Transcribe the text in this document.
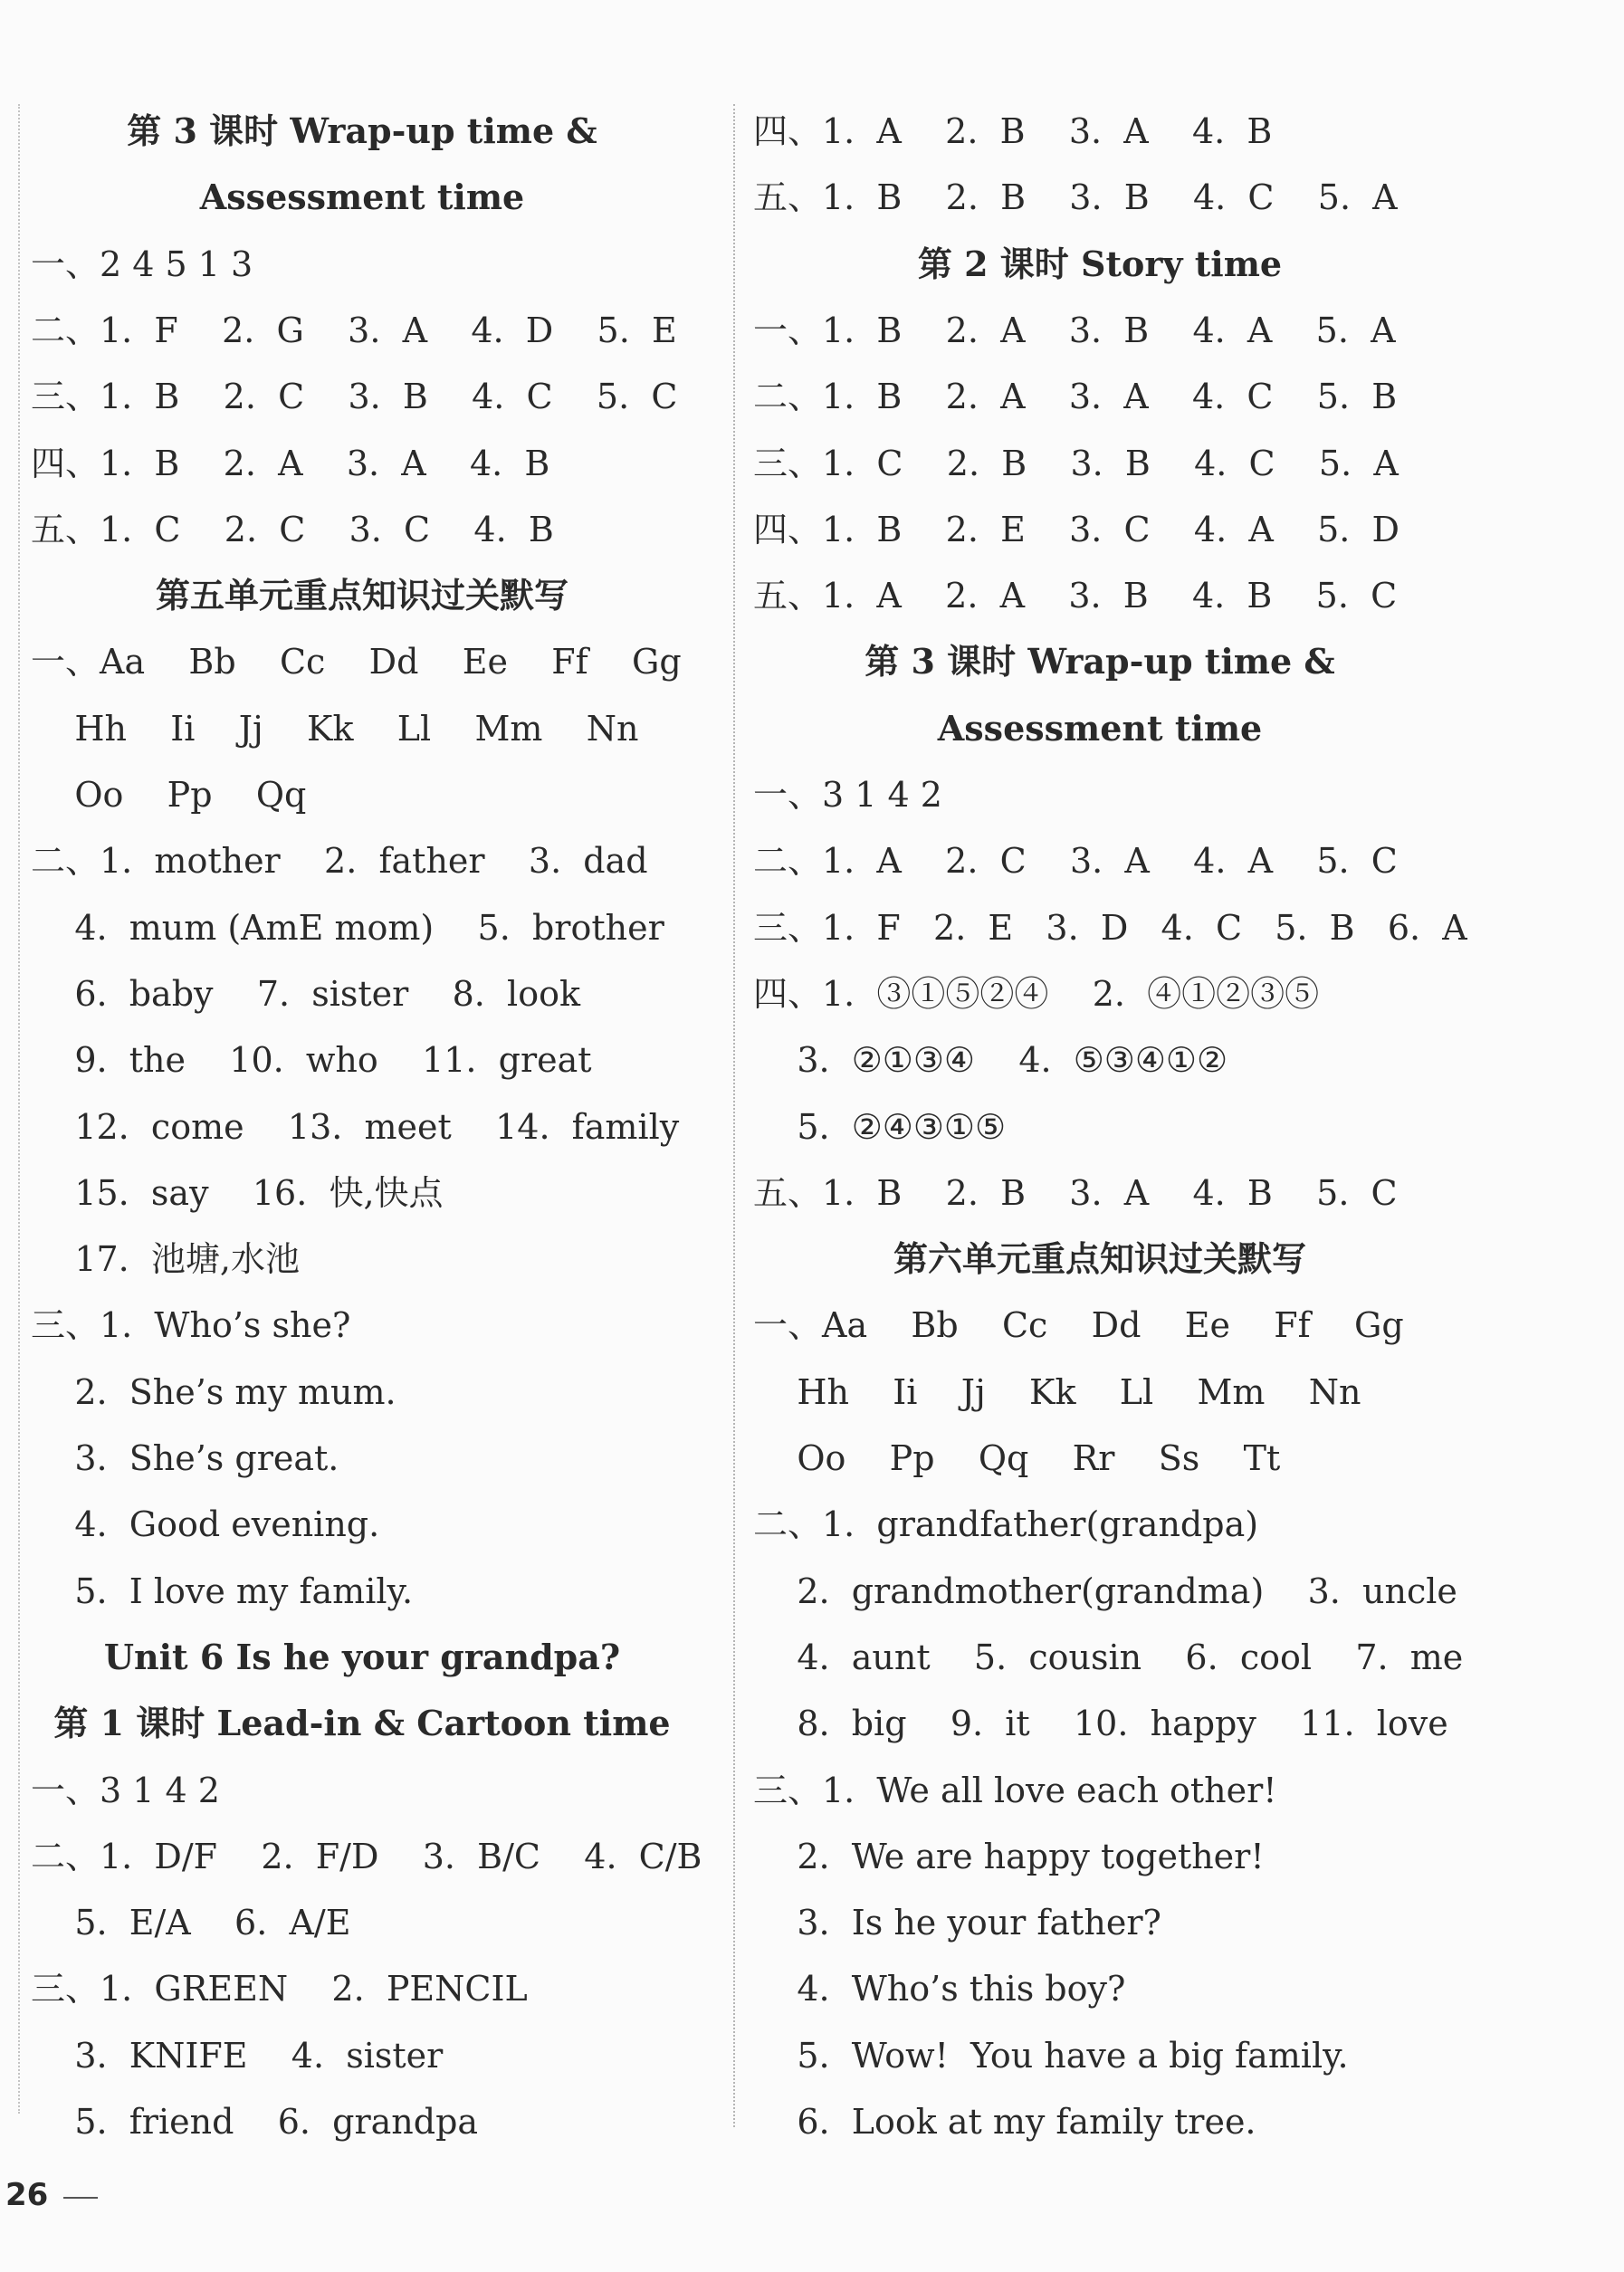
第 3 课时 Wrap-up time &
Assessment time
一、2 4 5 1 3
二、1.  F    2.  G    3.  A    4.  D    5.  E
三、1.  B    2.  C    3.  B    4.  C    5.  C
四、1.  B    2.  A    3.  A    4.  B
五、1.  C    2.  C    3.  C    4.  B
第五单元重点知识过关默写
一、Aa    Bb    Cc    Dd    Ee    Ff    Gg
Hh    Ii    Jj    Kk    Ll    Mm    Nn
Oo    Pp    Qq
二、1.  mother    2.  father    3.  dad
4.  mum (AmE mom)    5.  brother
6.  baby    7.  sister    8.  look
9.  the    10.  who    11.  great
12.  come    13.  meet    14.  family
15.  say    16.  快,快点
17.  池塘,水池
三、1.  Who’s she?
2.  She’s my mum.
3.  She’s great.
4.  Good evening.
5.  I love my family.
Unit 6 Is he your grandpa?
第 1 课时 Lead-in & Cartoon time
一、3 1 4 2
二、1.  D/F    2.  F/D    3.  B/C    4.  C/B
5.  E/A    6.  A/E
三、1.  GREEN    2.  PENCIL
3.  KNIFE    4.  sister
5.  friend    6.  grandpa
四、1.  A    2.  B    3.  A    4.  B
五、1.  B    2.  B    3.  B    4.  C    5.  A
第 2 课时 Story time
一、1.  B    2.  A    3.  B    4.  A    5.  A
二、1.  B    2.  A    3.  A    4.  C    5.  B
三、1.  C    2.  B    3.  B    4.  C    5.  A
四、1.  B    2.  E    3.  C    4.  A    5.  D
五、1.  A    2.  A    3.  B    4.  B    5.  C
第 3 课时 Wrap-up time &
Assessment time
一、3 1 4 2
二、1.  A    2.  C    3.  A    4.  A    5.  C
三、1.  F   2.  E   3.  D   4.  C   5.  B   6.  A
四、1.  ③①⑤②④    2.  ④①②③⑤
3.  ②①③④    4.  ⑤③④①②
5.  ②④③①⑤
五、1.  B    2.  B    3.  A    4.  B    5.  C
第六单元重点知识过关默写
一、Aa    Bb    Cc    Dd    Ee    Ff    Gg
Hh    Ii    Jj    Kk    Ll    Mm    Nn
Oo    Pp    Qq    Rr    Ss    Tt
二、1.  grandfather(grandpa)
2.  grandmother(grandma)    3.  uncle
4.  aunt    5.  cousin    6.  cool    7.  me
8.  big    9.  it    10.  happy    11.  love
三、1.  We all love each other!
2.  We are happy together!
3.  Is he your father?
4.  Who’s this boy?
5.  Wow!  You have a big family.
6.  Look at my family tree.
26
